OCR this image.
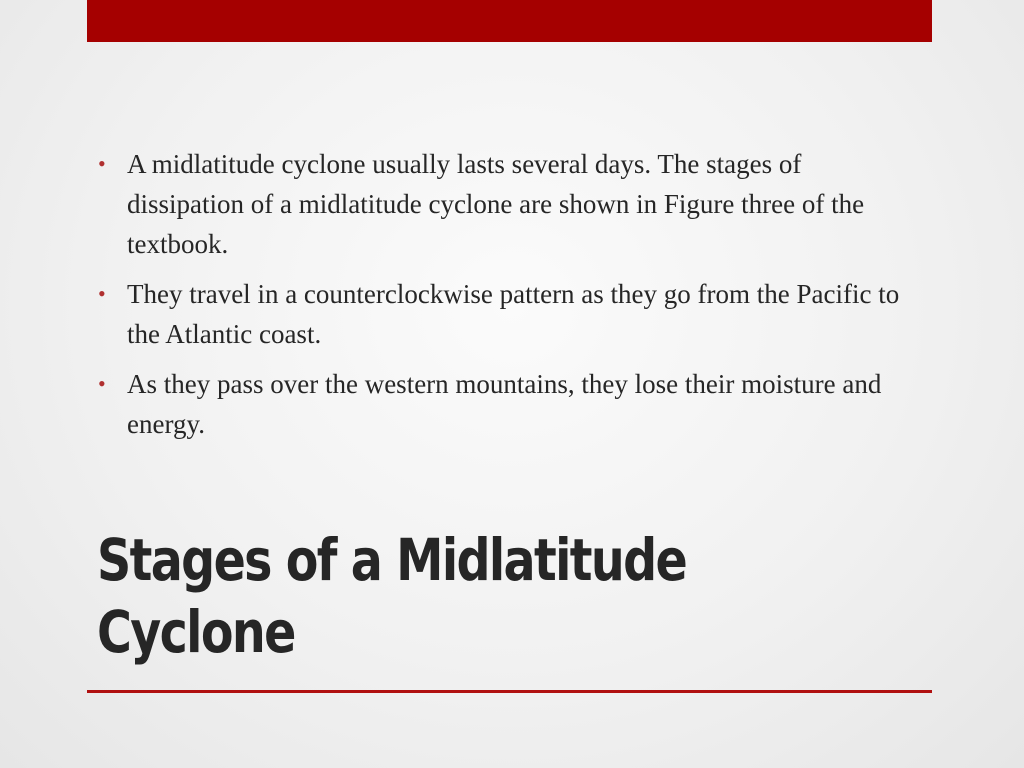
• A midlatitude cyclone usually lasts several days. The stages of dissipation of a midlatitude cyclone are shown in Figure three of the textbook.
• They travel in a counterclockwise pattern as they go from the Pacific to the Atlantic coast.
• As they pass over the western mountains, they lose their moisture and energy.
Stages of a Midlatitude
Cyclone
